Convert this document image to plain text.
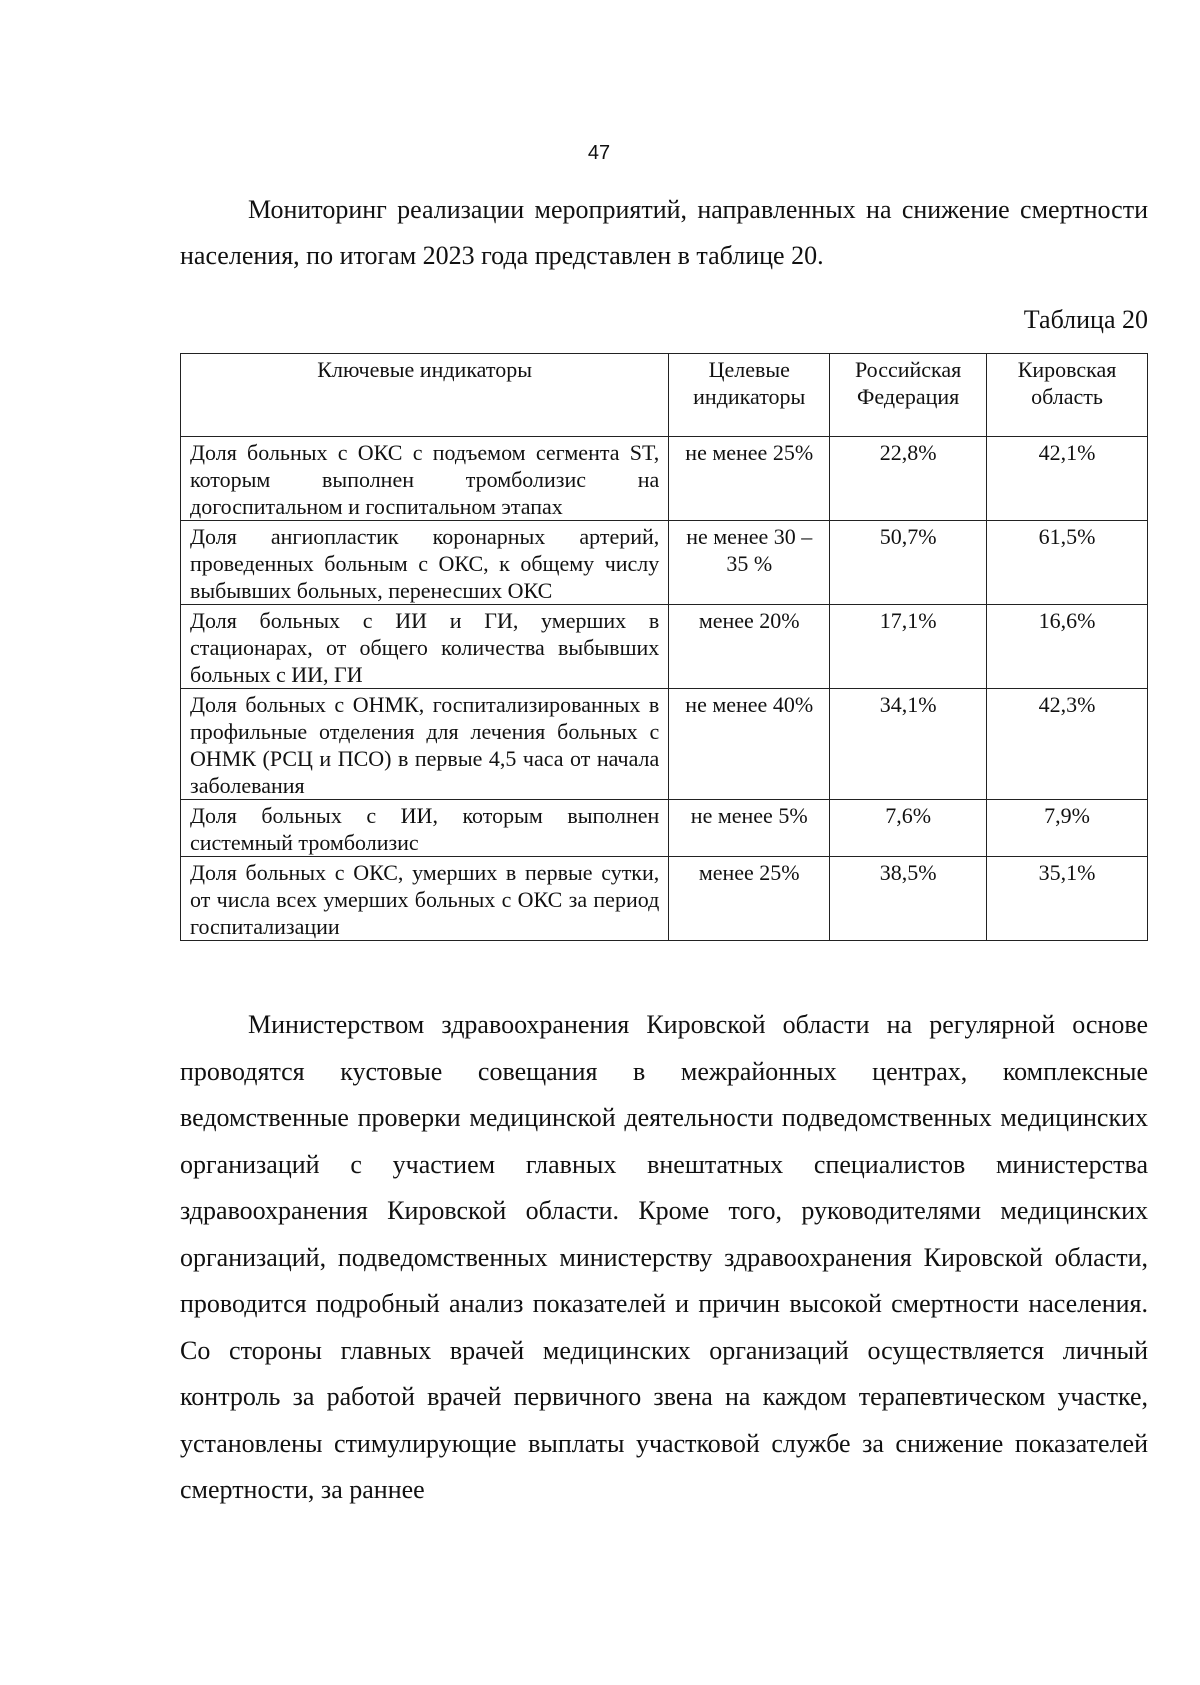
47

Мониторинг реализации мероприятий, направленных на снижение смертности населения, по итогам 2023 года представлен в таблице 20.

Таблица 20
Ключевые индикаторы	Целевые индикаторы	Российская Федерация	Кировская область
Доля больных с ОКС с подъемом сегмента ST, которым выполнен тромболизис на догоспитальном и госпитальном этапах	не менее 25%	22,8%	42,1%
Доля ангиопластик коронарных артерий, проведенных больным с ОКС, к общему числу выбывших больных, перенесших ОКС	не менее 30 – 35 %	50,7%	61,5%
Доля больных с ИИ и ГИ, умерших в стационарах, от общего количества выбывших больных с ИИ, ГИ	менее 20%	17,1%	16,6%
Доля больных с ОНМК, госпитализированных в профильные отделения для лечения больных с ОНМК (РСЦ и ПСО) в первые 4,5 часа от начала заболевания	не менее 40%	34,1%	42,3%
Доля больных с ИИ, которым выполнен системный тромболизис	не менее 5%	7,6%	7,9%
Доля больных с ОКС, умерших в первые сутки, от числа всех умерших больных с ОКС за период госпитализации	менее 25%	38,5%	35,1%

Министерством здравоохранения Кировской области на регулярной основе проводятся кустовые совещания в межрайонных центрах, комплексные ведомственные проверки медицинской деятельности подведомственных медицинских организаций с участием главных внештатных специалистов министерства здравоохранения Кировской области. Кроме того, руководителями медицинских организаций, подведомственных министерству здравоохранения Кировской области, проводится подробный анализ показателей и причин высокой смертности населения. Со стороны главных врачей медицинских организаций осуществляется личный контроль за работой врачей первичного звена на каждом терапевтическом участке, установлены стимулирующие выплаты участковой службе за снижение показателей смертности, за раннее
